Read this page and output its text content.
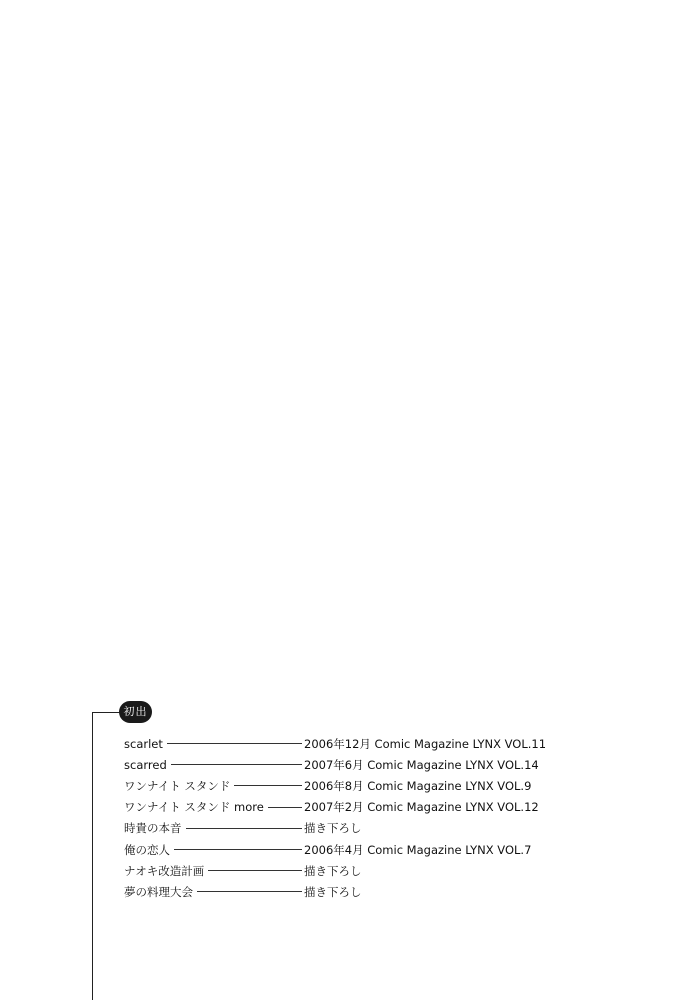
初出
scarlet	2006年12月 Comic Magazine LYNX VOL.11
scarred	2007年6月 Comic Magazine LYNX VOL.14
ワンナイト スタンド	2006年8月 Comic Magazine LYNX VOL.9
ワンナイト スタンド more	2007年2月 Comic Magazine LYNX VOL.12
時貴の本音	描き下ろし
俺の恋人	2006年4月 Comic Magazine LYNX VOL.7
ナオキ改造計画	描き下ろし
夢の料理大会	描き下ろし
